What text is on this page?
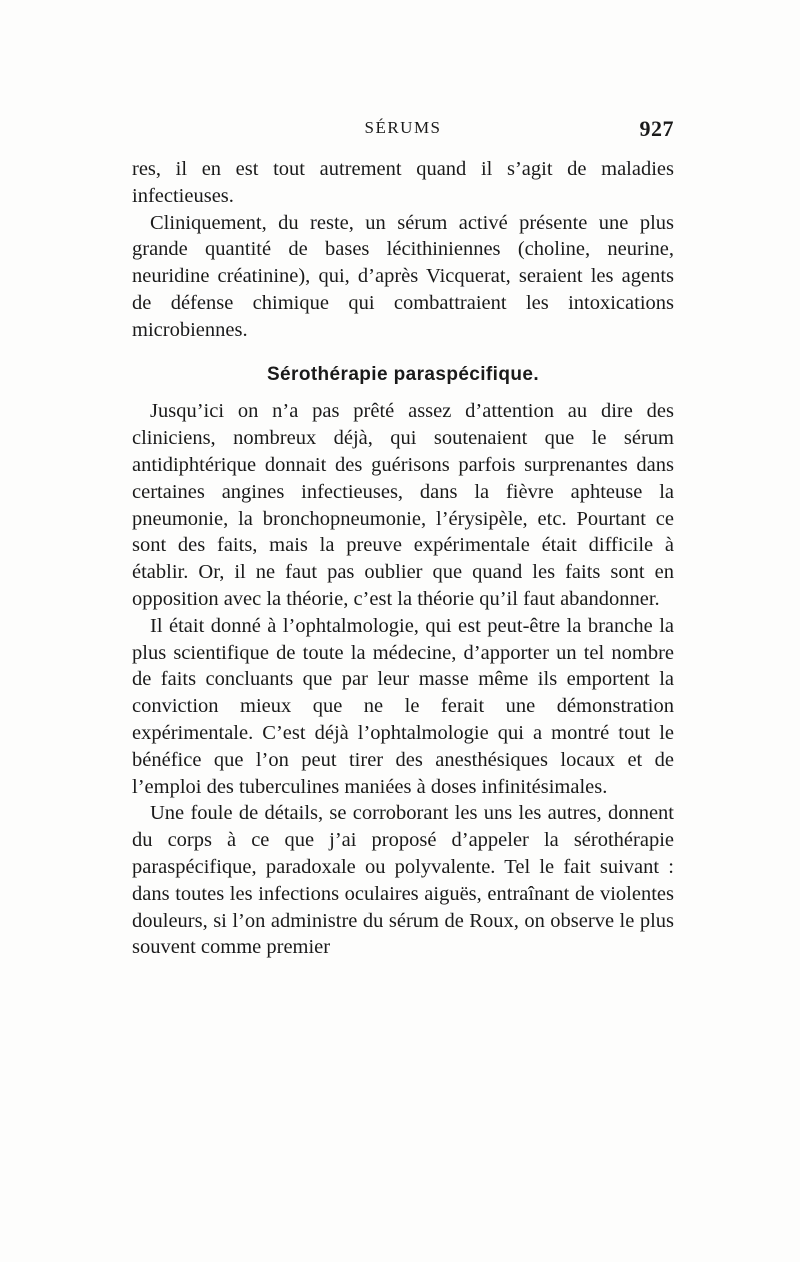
SÉRUMS	927

res, il en est tout autrement quand il s’agit de maladies infectieuses.

Cliniquement, du reste, un sérum activé présente une plus grande quantité de bases lécithiniennes (choline, neurine, neuridine créatinine), qui, d’après Vicquerat, seraient les agents de défense chimique qui combattraient les intoxications microbiennes.

Sérothérapie paraspécifique.

Jusqu’ici on n’a pas prêté assez d’attention au dire des cliniciens, nombreux déjà, qui soutenaient que le sérum antidiphtérique donnait des guérisons parfois surprenantes dans certaines angines infectieuses, dans la fièvre aphteuse la pneumonie, la bronchopneumonie, l’érysipèle, etc. Pourtant ce sont des faits, mais la preuve expérimentale était difficile à établir. Or, il ne faut pas oublier que quand les faits sont en opposition avec la théorie, c’est la théorie qu’il faut abandonner.

Il était donné à l’ophtalmologie, qui est peut-être la branche la plus scientifique de toute la médecine, d’apporter un tel nombre de faits concluants que par leur masse même ils emportent la conviction mieux que ne le ferait une démonstration expérimentale. C’est déjà l’ophtalmologie qui a montré tout le bénéfice que l’on peut tirer des anesthésiques locaux et de l’emploi des tuberculines maniées à doses infinitésimales.

Une foule de détails, se corroborant les uns les autres, donnent du corps à ce que j’ai proposé d’appeler la sérothérapie paraspécifique, paradoxale ou polyvalente. Tel le fait suivant : dans toutes les infections oculaires aiguës, entraînant de violentes douleurs, si l’on administre du sérum de Roux, on observe le plus souvent comme premier
